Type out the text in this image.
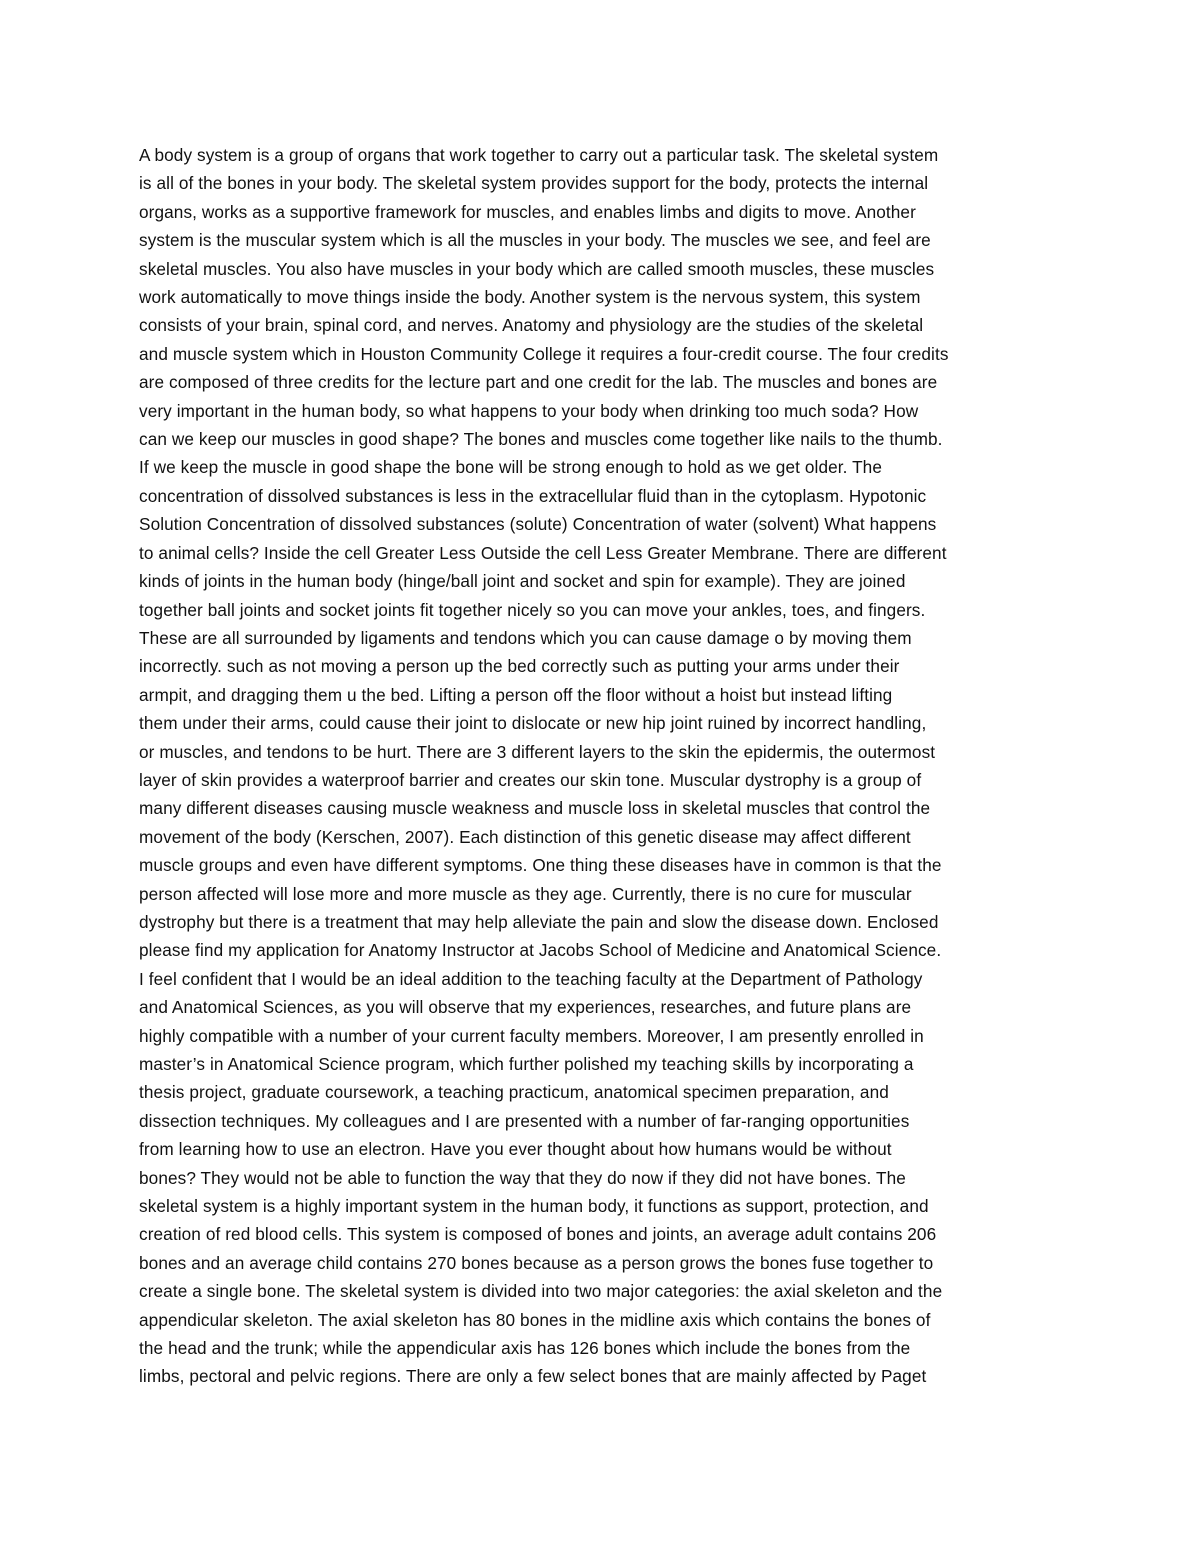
A body system is a group of organs that work together to carry out a particular task. The skeletal system
is all of the bones in your body. The skeletal system provides support for the body, protects the internal
organs, works as a supportive framework for muscles, and enables limbs and digits to move. Another
system is the muscular system which is all the muscles in your body. The muscles we see, and feel are
skeletal muscles. You also have muscles in your body which are called smooth muscles, these muscles
work automatically to move things inside the body. Another system is the nervous system, this system
consists of your brain, spinal cord, and nerves. Anatomy and physiology are the studies of the skeletal
and muscle system which in Houston Community College it requires a four-credit course. The four credits
are composed of three credits for the lecture part and one credit for the lab. The muscles and bones are
very important in the human body, so what happens to your body when drinking too much soda? How
can we keep our muscles in good shape? The bones and muscles come together like nails to the thumb.
If we keep the muscle in good shape the bone will be strong enough to hold as we get older. The
concentration of dissolved substances is less in the extracellular fluid than in the cytoplasm. Hypotonic
Solution Concentration of dissolved substances (solute) Concentration of water (solvent) What happens
to animal cells? Inside the cell Greater Less Outside the cell Less Greater Membrane. There are different
kinds of joints in the human body (hinge/ball joint and socket and spin for example). They are joined
together ball joints and socket joints fit together nicely so you can move your ankles, toes, and fingers.
These are all surrounded by ligaments and tendons which you can cause damage o by moving them
incorrectly. such as not moving a person up the bed correctly such as putting your arms under their
armpit, and dragging them u the bed. Lifting a person off the floor without a hoist but instead lifting
them under their arms, could cause their joint to dislocate or new hip joint ruined by incorrect handling,
or muscles, and tendons to be hurt. There are 3 different layers to the skin the epidermis, the outermost
layer of skin provides a waterproof barrier and creates our skin tone. Muscular dystrophy is a group of
many different diseases causing muscle weakness and muscle loss in skeletal muscles that control the
movement of the body (Kerschen, 2007). Each distinction of this genetic disease may affect different
muscle groups and even have different symptoms. One thing these diseases have in common is that the
person affected will lose more and more muscle as they age. Currently, there is no cure for muscular
dystrophy but there is a treatment that may help alleviate the pain and slow the disease down. Enclosed
please find my application for Anatomy Instructor at Jacobs School of Medicine and Anatomical Science.
I feel confident that I would be an ideal addition to the teaching faculty at the Department of Pathology
and Anatomical Sciences, as you will observe that my experiences, researches, and future plans are
highly compatible with a number of your current faculty members. Moreover, I am presently enrolled in
master’s in Anatomical Science program, which further polished my teaching skills by incorporating a
thesis project, graduate coursework, a teaching practicum, anatomical specimen preparation, and
dissection techniques. My colleagues and I are presented with a number of far-ranging opportunities
from learning how to use an electron. Have you ever thought about how humans would be without
bones? They would not be able to function the way that they do now if they did not have bones. The
skeletal system is a highly important system in the human body, it functions as support, protection, and
creation of red blood cells. This system is composed of bones and joints, an average adult contains 206
bones and an average child contains 270 bones because as a person grows the bones fuse together to
create a single bone. The skeletal system is divided into two major categories: the axial skeleton and the
appendicular skeleton. The axial skeleton has 80 bones in the midline axis which contains the bones of
the head and the trunk; while the appendicular axis has 126 bones which include the bones from the
limbs, pectoral and pelvic regions. There are only a few select bones that are mainly affected by Paget
